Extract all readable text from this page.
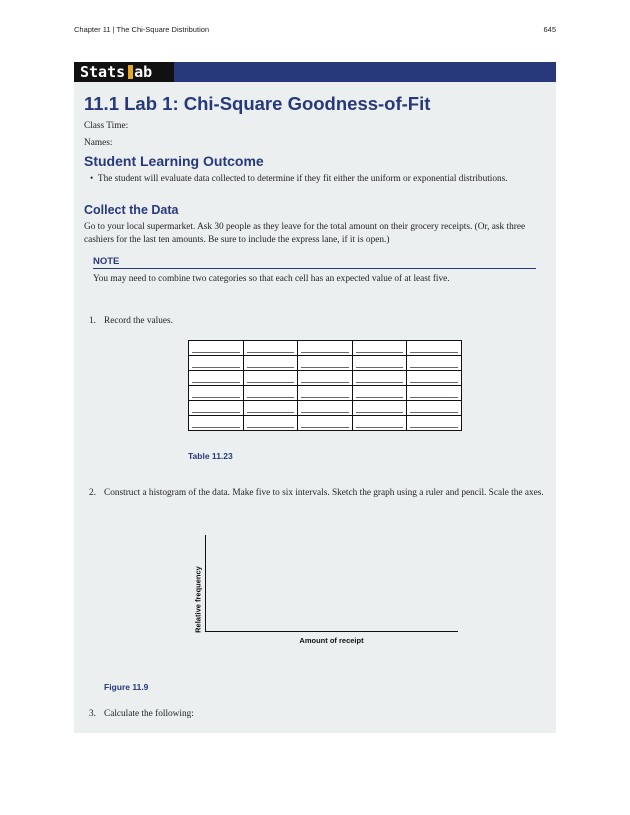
Chapter 11 | The Chi-Square Distribution	645
Stats ab
11.1 Lab 1: Chi-Square Goodness-of-Fit
Class Time:
Names:
Student Learning Outcome
•  The student will evaluate data collected to determine if they fit either the uniform or exponential distributions.
Collect the Data
Go to your local supermarket. Ask 30 people as they leave for the total amount on their grocery receipts. (Or, ask three cashiers for the last ten amounts. Be sure to include the express lane, if it is open.)
NOTE
You may need to combine two categories so that each cell has an expected value of at least five.
1. Record the values.

Table 11.23
2. Construct a histogram of the data. Make five to six intervals. Sketch the graph using a ruler and pencil. Scale the axes.
Relative frequency
Amount of receipt
Figure 11.9
3. Calculate the following:
